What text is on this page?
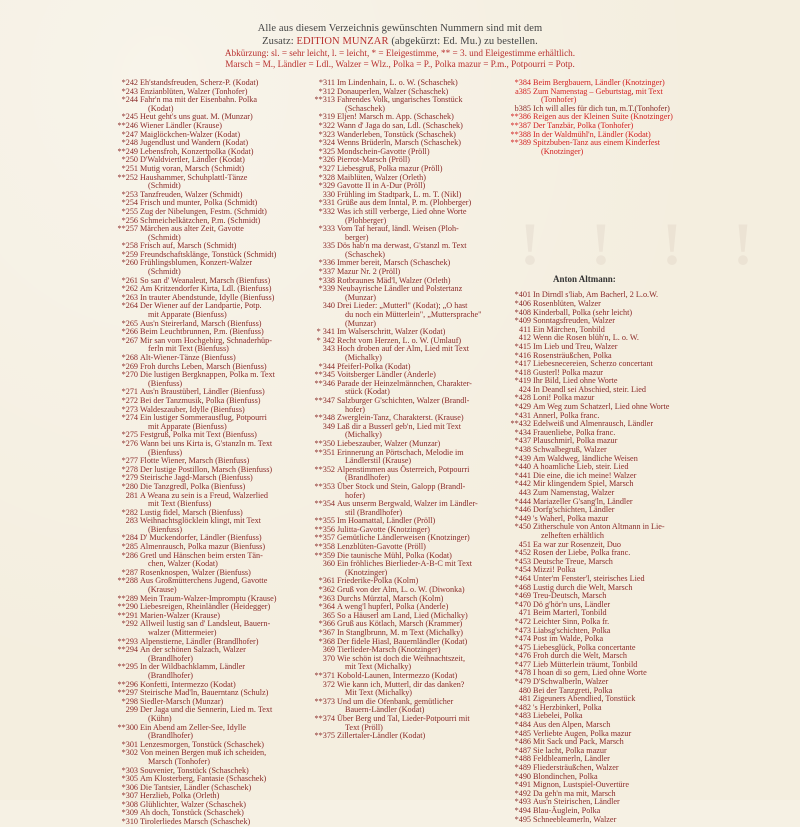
! ! ! !
Alle aus diesem Verzeichnis gewünschten Nummern sind mit dem
Zusatz: EDITION MUNZAR (abgekürzt: Ed. Mu.) zu bestellen.
Abkürzung: sl. = sehr leicht, l. = leicht, * = Eleigestimme, ** = 3. und Eleigestimme erhältlich.
Marsch = M., Ländler = Ldl., Walzer = Wlz., Polka = P., Polka mazur = P.m., Potpourri = Potp.
*242 Eh'standsfreuden, Scherz-P. (Kodat)
*243 Enzianblüten, Walzer (Tonhofer)
*244 Fahr'n ma mit der Eisenbahn. Polka
(Kodat)
*245 Heut geht's uns guat. M. (Munzar)
**246 Wiener Ländler (Krause)
*247 Maiglöckchen-Walzer (Kodat)
*248 Jugendlust und Wandern (Kodat)
**249 Lebensfroh, Konzertpolka (Kodat)
*250 D'Waldviertler, Ländler (Kodat)
*251 Mutig voran, Marsch (Schmidt)
**252 Haushammer, Schuhplattl-Tänze
(Schmidt)
*253 Tanzfreuden, Walzer (Schmidt)
*254 Frisch und munter, Polka (Schmidt)
*255 Zug der Nibelungen, Festm. (Schmidt)
*256 Schmeichelkätzchen, P.m. (Schmidt)
**257 Märchen aus alter Zeit, Gavotte
(Schmidt)
*258 Frisch auf, Marsch (Schmidt)
*259 Freundschaftsklänge, Tonstück (Schmidt)
*260 Frühlingsblumen, Konzert-Walzer
(Schmidt)
*261 So san d' Weanaleut, Marsch (Bienfuss)
*262 Am Kritzendorfer Kirta, Ldl. (Bienfuss)
*263 In trauter Abendstunde, Idylle (Bienfuss)
*264 Der Wiener auf der Landpartie, Potp.
mit Apparate (Bienfuss)
*265 Aus'n Steirerland, Marsch (Bienfuss)
*266 Beim Leuchtbrunnen, P.m. (Bienfuss)
*267 Mir san vom Hochgebirg, Schnaderhüp-
ferln mit Text (Bienfuss)
*268 Alt-Wiener-Tänze (Bienfuss)
*269 Froh durchs Leben, Marsch (Bienfuss)
*270 Die lustigen Bergknappen, Polka m. Text
(Bienfuss)
*271 Aus'n Braustüberl, Ländler (Bienfuss)
*272 Bei der Tanzmusik, Polka (Bienfuss)
*273 Waldeszauber, Idylle (Bienfuss)
*274 Ein lustiger Sommerausflug, Potpourri
mit Apparate (Bienfuss)
*275 Festgruß, Polka mit Text (Bienfuss)
*276 Wann bei uns Kirta is, G'stanzln m. Text
(Bienfuss)
*277 Flotte Wiener, Marsch (Bienfuss)
*278 Der lustige Postillon, Marsch (Bienfuss)
*279 Steirische Jagd-Marsch (Bienfuss)
*280 Die Tanzgredl, Polka (Bienfuss)
281 A Weana zu sein is a Freud, Walzerlied
mit Text (Bienfuss)
*282 Lustig fidel, Marsch (Bienfuss)
283 Weihnachtsglöcklein klingt, mit Text
(Bienfuss)
*284 D' Muckendorfer, Ländler (Bienfuss)
*285 Almenrausch, Polka mazur (Bienfuss)
*286 Gretl und Hänschen beim ersten Tän-
chen, Walzer (Kodat)
*287 Rosenknospen, Walzer (Bienfuss)
**288 Aus Großmütterchens Jugend, Gavotte
(Krause)
**289 Mein Traum-Walzer-Impromptu (Krause)
**290 Liebesreigen, Rheinländler (Heidegger)
**291 Marien-Walzer (Krause)
*292 Allweil lustig san d' Landsleut, Bauern-
walzer (Mittermeier)
**293 Alpenstierne, Ländler (Brandlhofer)
**294 An der schönen Salzach, Walzer
(Brandlhofer)
**295 In der Wildbachklamm, Ländler
(Brandlhofer)
**296 Konfetti, Intermezzo (Kodat)
**297 Steirische Mad'ln, Bauerntanz (Schulz)
*298 Siedler-Marsch (Munzar)
299 Der Jaga und die Sennerin, Lied m. Text
(Kühn)
**300 Ein Abend am Zeller-See, Idylle
(Brandlhofer)
*301 Lenzesmorgen, Tonstück (Schaschek)
*302 Von meinen Bergen muß ich scheiden,
Marsch (Tonhofer)
*303 Souvenier, Tonstück (Schaschek)
*305 Am Klosterberg, Fantasie (Schaschek)
*306 Die Tantsier, Ländler (Schaschek)
*307 Herzlieb, Polka (Orleth)
*308 Glühlichter, Walzer (Schaschek)
*309 Ah doch, Tonstück (Schaschek)
*310 Tirolerliedes Marsch (Schaschek)
*311 Im Lindenhain, L. o. W. (Schaschek)
*312 Donauperlen, Walzer (Schaschek)
**313 Fahrendes Volk, ungarisches Tonstück
(Schaschek)
*319 Eljen! Marsch m. App. (Schaschek)
*322 Wann d' Jaga do san, Ldl. (Schaschek)
*323 Wanderleben, Tonstück (Schaschek)
*324 Wenns Brüderln, Marsch (Schaschek)
*325 Mondschein-Gavotte (Pröll)
*326 Pierrot-Marsch (Pröll)
*327 Liebesgruß, Polka mazur (Pröll)
*328 Maiblüten, Walzer (Orleth)
*329 Gavotte II in A-Dur (Pröll)
330 Frühling im Stadtpark, L. m. T. (Nikl)
*331 Grüße aus dem Inntal, P. m. (Plohberger)
*332 Was ich still verberge, Lied ohne Worte
(Plohberger)
*333 Vom Taf herauf, ländl. Weisen (Ploh-
berger)
335 Dös hab'n ma derwast, G'stanzl m. Text
(Schaschek)
*336 Immer bereit, Marsch (Schaschek)
*337 Mazur Nr. 2 (Pröll)
*338 Rotbraunes Mäd'l, Walzer (Orleth)
*339 Neubayrische Ländler und Polstertanz
(Munzar)
340 Drei Lieder: „Mutterl" (Kodat); „O hast
du noch ein Mütterlein", „Muttersprache" (Munzar)
* 341 Im Walserschritt, Walzer (Kodat)
* 342 Recht vom Herzen, L. o. W. (Umlauf)
343 Hoch droben auf der Alm, Lied mit Text
(Michalky)
*344 Pfeiferl-Polka (Kodat)
**345 Voitsberger Ländler (Anderle)
**346 Parade der Heinzelmännchen, Charakter-
stück (Kodat)
**347 Salzburger G'schichten, Walzer (Brandl-
hofer)
**348 Zwerglein-Tanz, Charakterst. (Krause)
349 Laß dir a Busserl geb'n, Lied mit Text
(Michalky)
**350 Liebeszauber, Walzer (Munzar)
**351 Erinnerung an Pörtschach, Melodie im
Ländlerstil (Krause)
**352 Alpenstimmen aus Österreich, Potpourri
(Brandlhofer)
**353 Über Stock und Stein, Galopp (Brandl-
hofer)
**354 Aus unserm Bergwald, Walzer im Ländler-
stil (Brandlhofer)
**355 Im Hoamattal, Ländler (Pröll)
**356 Julitta-Gavotte (Knotzinger)
**357 Gemütliche Ländlerweisen (Knotzinger)
**358 Lenzblüten-Gavotte (Pröll)
**359 Die taunische Mühl, Polka (Kodat)
360 Ein fröhliches Bierlieder-A-B-C mit Text
(Knotzinger)
*361 Friederike-Polka (Kolm)
*362 Gruß von der Alm, L. o. W. (Diwonka)
*363 Durchs Mürztal, Marsch (Kolm)
*364 A weng'l hupferl, Polka (Anderle)
365 So a Häuserl am Land, Lied (Michalky)
*366 Gruß aus Kötlach, Marsch (Krammer)
*367 In Stanglbrunn, M. m Text (Michalky)
*368 Der fidele Hiasl, Bauernländler (Kodat)
369 Tierlieder-Marsch (Knotzinger)
370 Wie schön ist doch die Weihnachtszeit,
mit Text (Michalky)
**371 Kobold-Launen, Intermezzo (Kodat)
372 Wie kann ich, Mutterl, dir das danken?
Mit Text (Michalky)
**373 Und um die Ofenbank, gemütlicher
Bauern-Ländler (Kodat)
**374 Über Berg und Tal, Lieder-Potpourri mit
Text (Pröll)
**375 Zillertaler-Ländler (Kodat)
*384 Beim Bergbauern, Ländler (Knotzinger)
a385 Zum Namenstag – Geburtstag, mit Text
(Tonhofer)
b385 Ich will alles für dich tun, m.T.(Tonhofer)
**386 Reigen aus der Kleinen Suite (Knotzinger)
**387 Der Tanzbär, Polka (Tonhofer)
**388 In der Waldmühl'n, Ländler (Kodat)
**389 Spitzbuben-Tanz aus einem Kinderfest
(Knotzinger)
Anton Altmann:
*401 In Dirndl s'liab, Am Bacherl, 2 L.o.W.
*406 Rosenblüten, Walzer
*408 Kinderball, Polka (sehr leicht)
*409 Sonntagsfreuden, Walzer
411 Ein Märchen, Tonbild
412 Wenn die Rosen blüh'n, L. o. W.
*415 Im Lieb und Treu, Walzer
*416 Rosensträußchen, Polka
*417 Liebesnecereien, Scherzo concertant
*418 Gusterl! Polka mazur
*419 Ihr Bild, Lied ohne Worte
424 In Deandl sei Abschied, steir. Lied
*428 Loni! Polka mazur
*429 Am Weg zum Schatzerl, Lied ohne Worte
*431 Annerl, Polka franc.
**432 Edelweiß und Almenrausch, Ländler
*434 Frauenliebe, Polka franc.
*437 Plauschmirl, Polka mazur
*438 Schwalbegruß, Walzer
*439 Am Waldweg, ländliche Weisen
*440 A hoamliche Lieb, steir. Lied
*441 Die eine, die ich meine! Walzer
*442 Mir klingendem Spiel, Marsch
443 Zum Namenstag, Walzer
*444 Mariazeller G'sang'ln, Ländler
*446 Dorfg'schichten, Ländler
*449 's Waherl, Polka mazur
*450 Zitherschule von Anton Altmann in Lie-
zelheften erhältlich
451 Ea war zur Rosenzeit, Duo
*452 Rosen der Liebe, Polka franc.
*453 Deutsche Treue, Marsch
*454 Mizzi! Polka
*464 Unter'm Fenster'l, steirisches Lied
*468 Lustig durch die Welt, Marsch
*469 Treu-Deutsch, Marsch
*470 Dö g'hör'n uns, Ländler
471 Beim Marterl, Tonbild
*472 Leichter Sinn, Polka fr.
*473 Liabsg'schichten, Polka
*474 Post im Walde, Polka
*475 Liebesglück, Polka concertante
*476 Froh durch die Welt, Marsch
*477 Lieb Mütterlein träumt, Tonbild
*478 I hoan di so gern, Lied ohne Worte
*479 D'Schwalberln, Walzer
480 Bei der Tanzgreti, Polka
481 Zigeuners Abendlied, Tonstück
*482 's Herzbinkerl, Polka
*483 Liebelei, Polka
*484 Aus den Alpen, Marsch
*485 Verliebte Augen, Polka mazur
*486 Mit Sack und Pack, Marsch
*487 Sie lacht, Polka mazur
*488 Feldbleamerln, Ländler
*489 Fliedersträußchen, Walzer
*490 Blondinchen, Polka
*491 Mignon, Lustspiel-Ouvertüre
*492 Da geh'n ma mit, Marsch
*493 Aus'n Steirischen, Ländler
*494 Blau-Äuglein, Polka
*495 Schneebleamerln, Walzer
